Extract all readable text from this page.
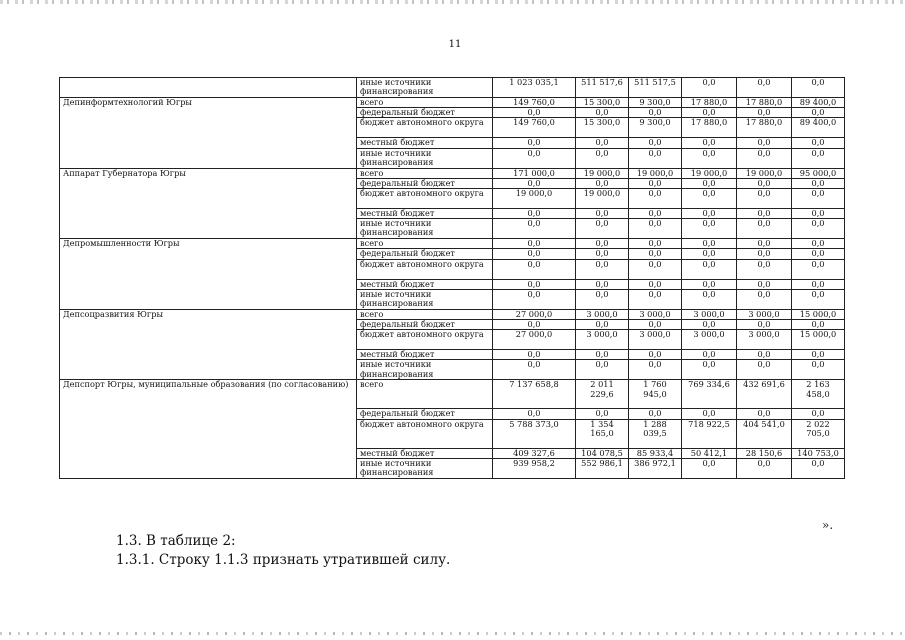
11
	иные источники финансирования	1 023 035,1	511 517,6	511 517,5	0,0	0,0	0,0
Депинформтехнологий Югры	всего	149 760,0	15 300,0	9 300,0	17 880,0	17 880,0	89 400,0
	федеральный бюджет	0,0	0,0	0,0	0,0	0,0	0,0
	бюджет автономного округа	149 760,0	15 300,0	9 300,0	17 880,0	17 880,0	89 400,0
	местный бюджет	0,0	0,0	0,0	0,0	0,0	0,0
	иные источники финансирования	0,0	0,0	0,0	0,0	0,0	0,0
Аппарат Губернатора Югры	всего	171 000,0	19 000,0	19 000,0	19 000,0	19 000,0	95 000,0
	федеральный бюджет	0,0	0,0	0,0	0,0	0,0	0,0
	бюджет автономного округа	19 000,0	19 000,0	0,0	0,0	0,0	0,0
	местный бюджет	0,0	0,0	0,0	0,0	0,0	0,0
	иные источники финансирования	0,0	0,0	0,0	0,0	0,0	0,0
Депромышленности Югры	всего	0,0	0,0	0,0	0,0	0,0	0,0
	федеральный бюджет	0,0	0,0	0,0	0,0	0,0	0,0
	бюджет автономного округа	0,0	0,0	0,0	0,0	0,0	0,0
	местный бюджет	0,0	0,0	0,0	0,0	0,0	0,0
	иные источники финансирования	0,0	0,0	0,0	0,0	0,0	0,0
Депсоцразвития Югры	всего	27 000,0	3 000,0	3 000,0	3 000,0	3 000,0	15 000,0
	федеральный бюджет	0,0	0,0	0,0	0,0	0,0	0,0
	бюджет автономного округа	27 000,0	3 000,0	3 000,0	3 000,0	3 000,0	15 000,0
	местный бюджет	0,0	0,0	0,0	0,0	0,0	0,0
	иные источники финансирования	0,0	0,0	0,0	0,0	0,0	0,0
Депспорт Югры, муниципальные образования (по согласованию)	всего	7 137 658,8	2 011 229,6	1 760 945,0	769 334,6	432 691,6	2 163 458,0
	федеральный бюджет	0,0	0,0	0,0	0,0	0,0	0,0
	бюджет автономного округа	5 788 373,0	1 354 165,0	1 288 039,5	718 922,5	404 541,0	2 022 705,0
	местный бюджет	409 327,6	104 078,5	85 933,4	50 412,1	28 150,6	140 753,0
	иные источники финансирования	939 958,2	552 986,1	386 972,1	0,0	0,0	0,0
».
1.3. В таблице 2:
1.3.1. Строку 1.1.3 признать утратившей силу.
